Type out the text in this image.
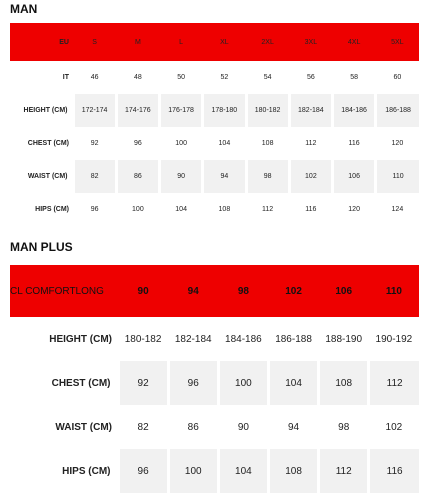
MAN
EU	S	M	L	XL	2XL	3XL	4XL	5XL
IT	46	48	50	52	54	56	58	60
HEIGHT (CM)	172-174	174-176	176-178	178-180	180-182	182-184	184-186	186-188
CHEST (CM)	92	96	100	104	108	112	116	120
WAIST (CM)	82	86	90	94	98	102	106	110
HIPS (CM)	96	100	104	108	112	116	120	124
MAN PLUS
CL COMFORTLONG	90	94	98	102	106	110
HEIGHT (CM)	180-182	182-184	184-186	186-188	188-190	190-192
CHEST (CM)	92	96	100	104	108	112
WAIST (CM)	82	86	90	94	98	102
HIPS (CM)	96	100	104	108	112	116
